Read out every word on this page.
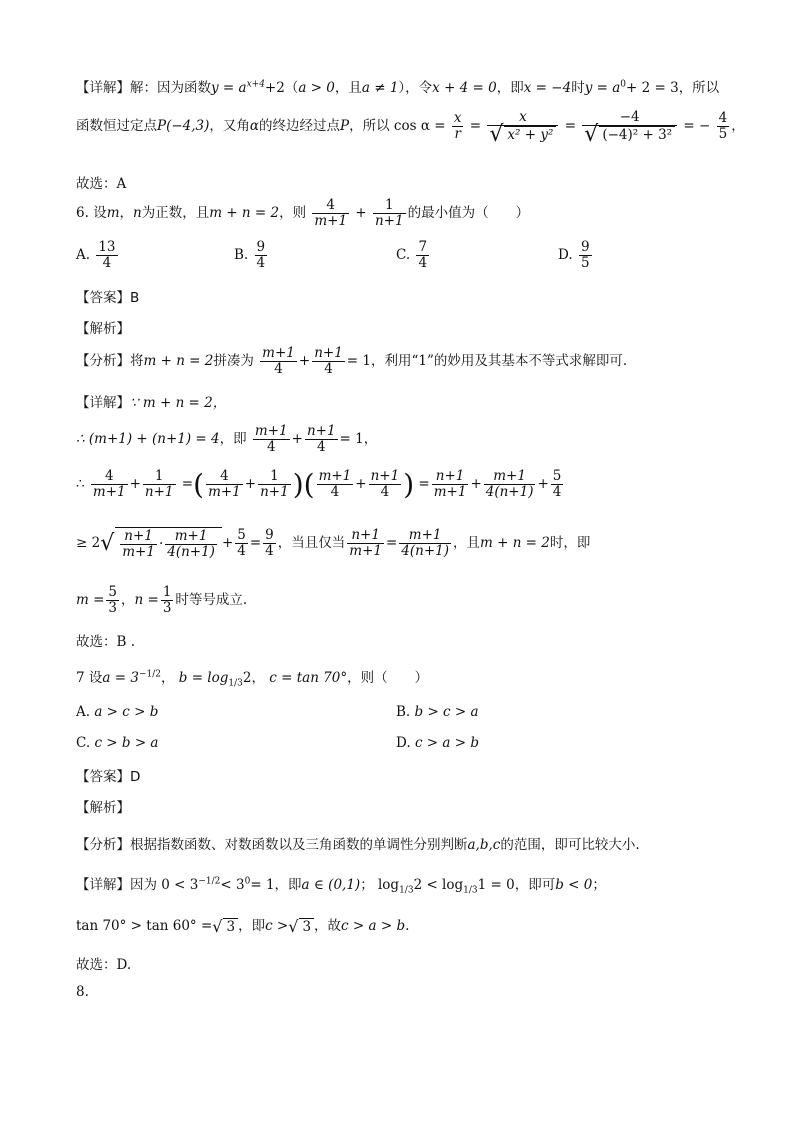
【详解】解：因为函数$y = a^{x+4}+2(a > 0$，且a ≠ 1），令x + 4 = 0，即x = −4时$y = a^0+ 2 = 3$，所以
函数恒过定点P(−4,3)，又角α的终边经过点P，所以 $\cos \alpha = \frac{x}{r} = \frac{x}{\text{√ x² + y²}} = \frac{-4}{\text{√ (−4)² + 3²}}$ = − $\frac{4}{5}$ ，
故选：A
6. 设m，n为正数，且m + n = 2，则 $\frac{4}{m+1} + \frac{1}{n+1}$ 的最小值为（　　）
A. $\frac{13}{4}$	B. $\frac{9}{4}$	C. $\frac{7}{4}$	D. $\frac{9}{5}$
【答案】B
【解析】
【分析】将m + n = 2拼凑为 $\frac{m+1}{4} + \frac{n+1}{4} = 1$，利用“1”的妙用及其基本不等式求解即可.
【详解】∵ m + n = 2，
∴ (m+1) + (n+1) = 4，即 $\frac{m+1}{4} + \frac{n+1}{4} = 1$，
∴ $\frac{4}{m+1} + \frac{1}{n+1}$ =( $\frac{4}{m+1} + \frac{1}{n+1}$ )( $\frac{m+1}{4} + \frac{n+1}{4}$ ) = $\frac{n+1}{m+1} + \frac{m+1}{4(n+1)} + \frac{5}{4}$
≥ $2√ \frac{n+1}{m+1} \cdot \frac{m+1}{4(n+1)} + \frac{5}{4} = \frac{9}{4}$ ，当且仅当 $\frac{n+1}{m+1} = \frac{m+1}{4(n+1)}$ ，且m + n = 2时，即
$m = \frac{5}{3}$ ，$n = \frac{1}{3}$ 时等号成立.
故选：B .
7 设$a = 3^{-1/2}$， $b = \log_{1/3}2$， c = tan 70°，则（　　）
A. a > c > b	B. b > c > a
C. c > b > a	D. c > a > b
【答案】D
【解析】
【分析】根据指数函数、对数函数以及三角函数的单调性分别判断a,b,c的范围，即可比较大小.
【详解】因为 $0 < 3^{-1/2}< 3^0= 1$，即a ∈ (0,1)； $\log_{1/3}2 < \log_{1/3}1 = 0$，即可b < 0；
tan 70° > tan 60° =√ 3 ，即c >√ 3 ，故c > a > b.
故选：D.
8.
